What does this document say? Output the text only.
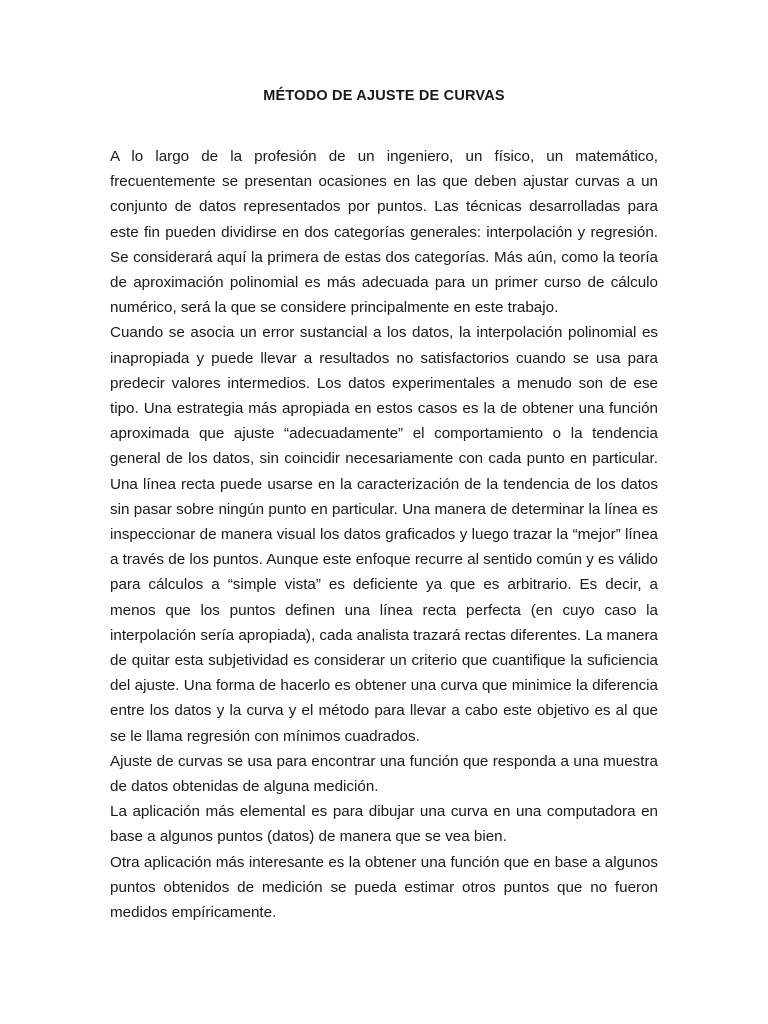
MÉTODO DE AJUSTE DE CURVAS

A lo largo de la profesión de un ingeniero, un físico, un matemático, frecuentemente se presentan ocasiones en las que deben ajustar curvas a un conjunto de datos representados por puntos. Las técnicas desarrolladas para este fin pueden dividirse en dos categorías generales: interpolación y regresión. Se considerará aquí la primera de estas dos categorías. Más aún, como la teoría de aproximación polinomial es más adecuada para un primer curso de cálculo numérico, será la que se considere principalmente en este trabajo.

Cuando se asocia un error sustancial a los datos, la interpolación polinomial es inapropiada y puede llevar a resultados no satisfactorios cuando se usa para predecir valores intermedios. Los datos experimentales a menudo son de ese tipo. Una estrategia más apropiada en estos casos es la de obtener una función aproximada que ajuste “adecuadamente” el comportamiento o la tendencia general de los datos, sin coincidir necesariamente con cada punto en particular. Una línea recta puede usarse en la caracterización de la tendencia de los datos sin pasar sobre ningún punto en particular. Una manera de determinar la línea es inspeccionar de manera visual los datos graficados y luego trazar la “mejor” línea a través de los puntos. Aunque este enfoque recurre al sentido común y es válido para cálculos a “simple vista” es deficiente ya que es arbitrario. Es decir, a menos que los puntos definen una línea recta perfecta (en cuyo caso la interpolación sería apropiada), cada analista trazará rectas diferentes. La manera de quitar esta subjetividad es considerar un criterio que cuantifique la suficiencia del ajuste. Una forma de hacerlo es obtener una curva que minimice la diferencia entre los datos y la curva y el método para llevar a cabo este objetivo es al que se le llama regresión con mínimos cuadrados.

Ajuste de curvas se usa para encontrar una función que responda a una muestra de datos obtenidas de alguna medición.

La aplicación más elemental es para dibujar una curva en una computadora en base a algunos puntos (datos) de manera que se vea bien.

Otra aplicación más interesante es la obtener una función que en base a algunos puntos obtenidos de medición se pueda estimar otros puntos que no fueron medidos empíricamente.
